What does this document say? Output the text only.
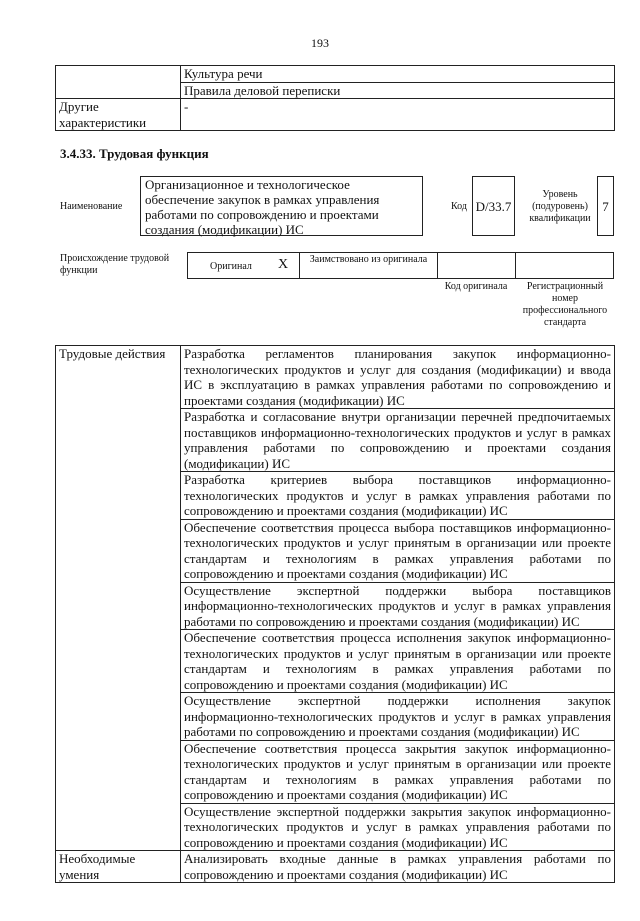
193
	Культура речи
	Правила деловой переписки
Другие характеристики	-
3.4.33. Трудовая функция
Наименование
Организационное и технологическое обеспечение закупок в рамках управления работами по сопровождению и проектами создания (модификации) ИС
Код D/33.7
Уровень (подуровень) квалификации
7
Происхождение трудовой функции	Оригинал X	Заимствовано из оригинала
Код оригинала	Регистрационный номер профессионального стандарта
Трудовые действия	Разработка регламентов планирования закупок информационно-технологических продуктов и услуг для создания (модификации) и ввода ИС в эксплуатацию в рамках управления работами по сопровождению и проектами создания (модификации) ИС
	Разработка и согласование внутри организации перечней предпочитаемых поставщиков информационно-технологических продуктов и услуг в рамках управления работами по сопровождению и проектами создания (модификации) ИС
	Разработка критериев выбора поставщиков информационно-технологических продуктов и услуг в рамках управления работами по сопровождению и проектами создания (модификации) ИС
	Обеспечение соответствия процесса выбора поставщиков информационно-технологических продуктов и услуг принятым в организации или проекте стандартам и технологиям в рамках управления работами по сопровождению и проектами создания (модификации) ИС
	Осуществление экспертной поддержки выбора поставщиков информационно-технологических продуктов и услуг в рамках управления работами по сопровождению и проектами создания (модификации) ИС
	Обеспечение соответствия процесса исполнения закупок информационно-технологических продуктов и услуг принятым в организации или проекте стандартам и технологиям в рамках управления работами по сопровождению и проектами создания (модификации) ИС
	Осуществление экспертной поддержки исполнения закупок информационно-технологических продуктов и услуг в рамках управления работами по сопровождению и проектами создания (модификации) ИС
	Обеспечение соответствия процесса закрытия закупок информационно-технологических продуктов и услуг принятым в организации или проекте стандартам и технологиям в рамках управления работами по сопровождению и проектами создания (модификации) ИС
	Осуществление экспертной поддержки закрытия закупок информационно-технологических продуктов и услуг в рамках управления работами по сопровождению и проектами создания (модификации) ИС
Необходимые умения	Анализировать входные данные в рамках управления работами по сопровождению и проектами создания (модификации) ИС
